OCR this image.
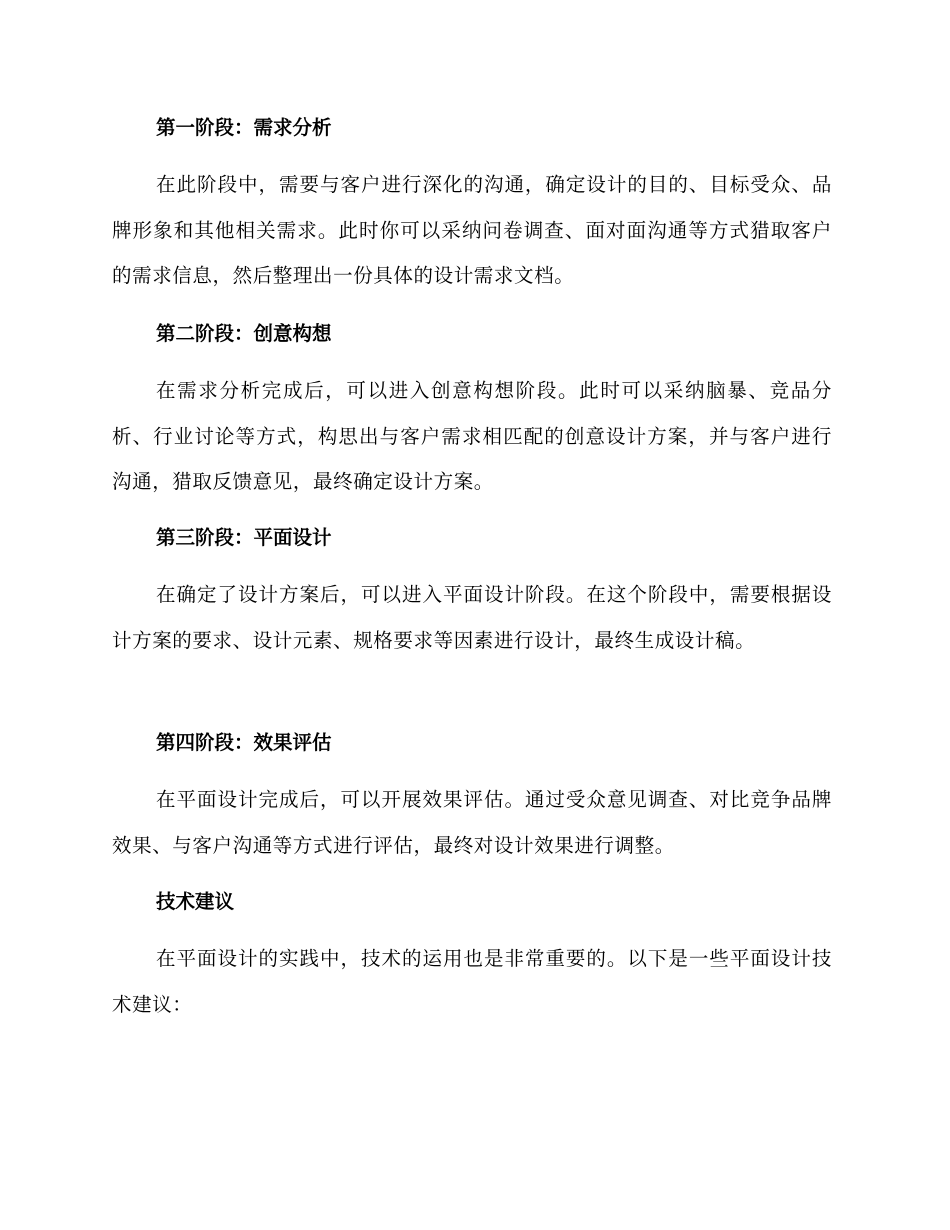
第一阶段：需求分析

在此阶段中，需要与客户进行深化的沟通，确定设计的目的、目标受众、品牌形象和其他相关需求。此时你可以采纳问卷调查、面对面沟通等方式猎取客户的需求信息，然后整理出一份具体的设计需求文档。

第二阶段：创意构想

在需求分析完成后，可以进入创意构想阶段。此时可以采纳脑暴、竞品分析、行业讨论等方式，构思出与客户需求相匹配的创意设计方案，并与客户进行沟通，猎取反馈意见，最终确定设计方案。

第三阶段：平面设计

在确定了设计方案后，可以进入平面设计阶段。在这个阶段中，需要根据设计方案的要求、设计元素、规格要求等因素进行设计，最终生成设计稿。

第四阶段：效果评估

在平面设计完成后，可以开展效果评估。通过受众意见调查、对比竞争品牌效果、与客户沟通等方式进行评估，最终对设计效果进行调整。

技术建议

在平面设计的实践中，技术的运用也是非常重要的。以下是一些平面设计技术建议：
